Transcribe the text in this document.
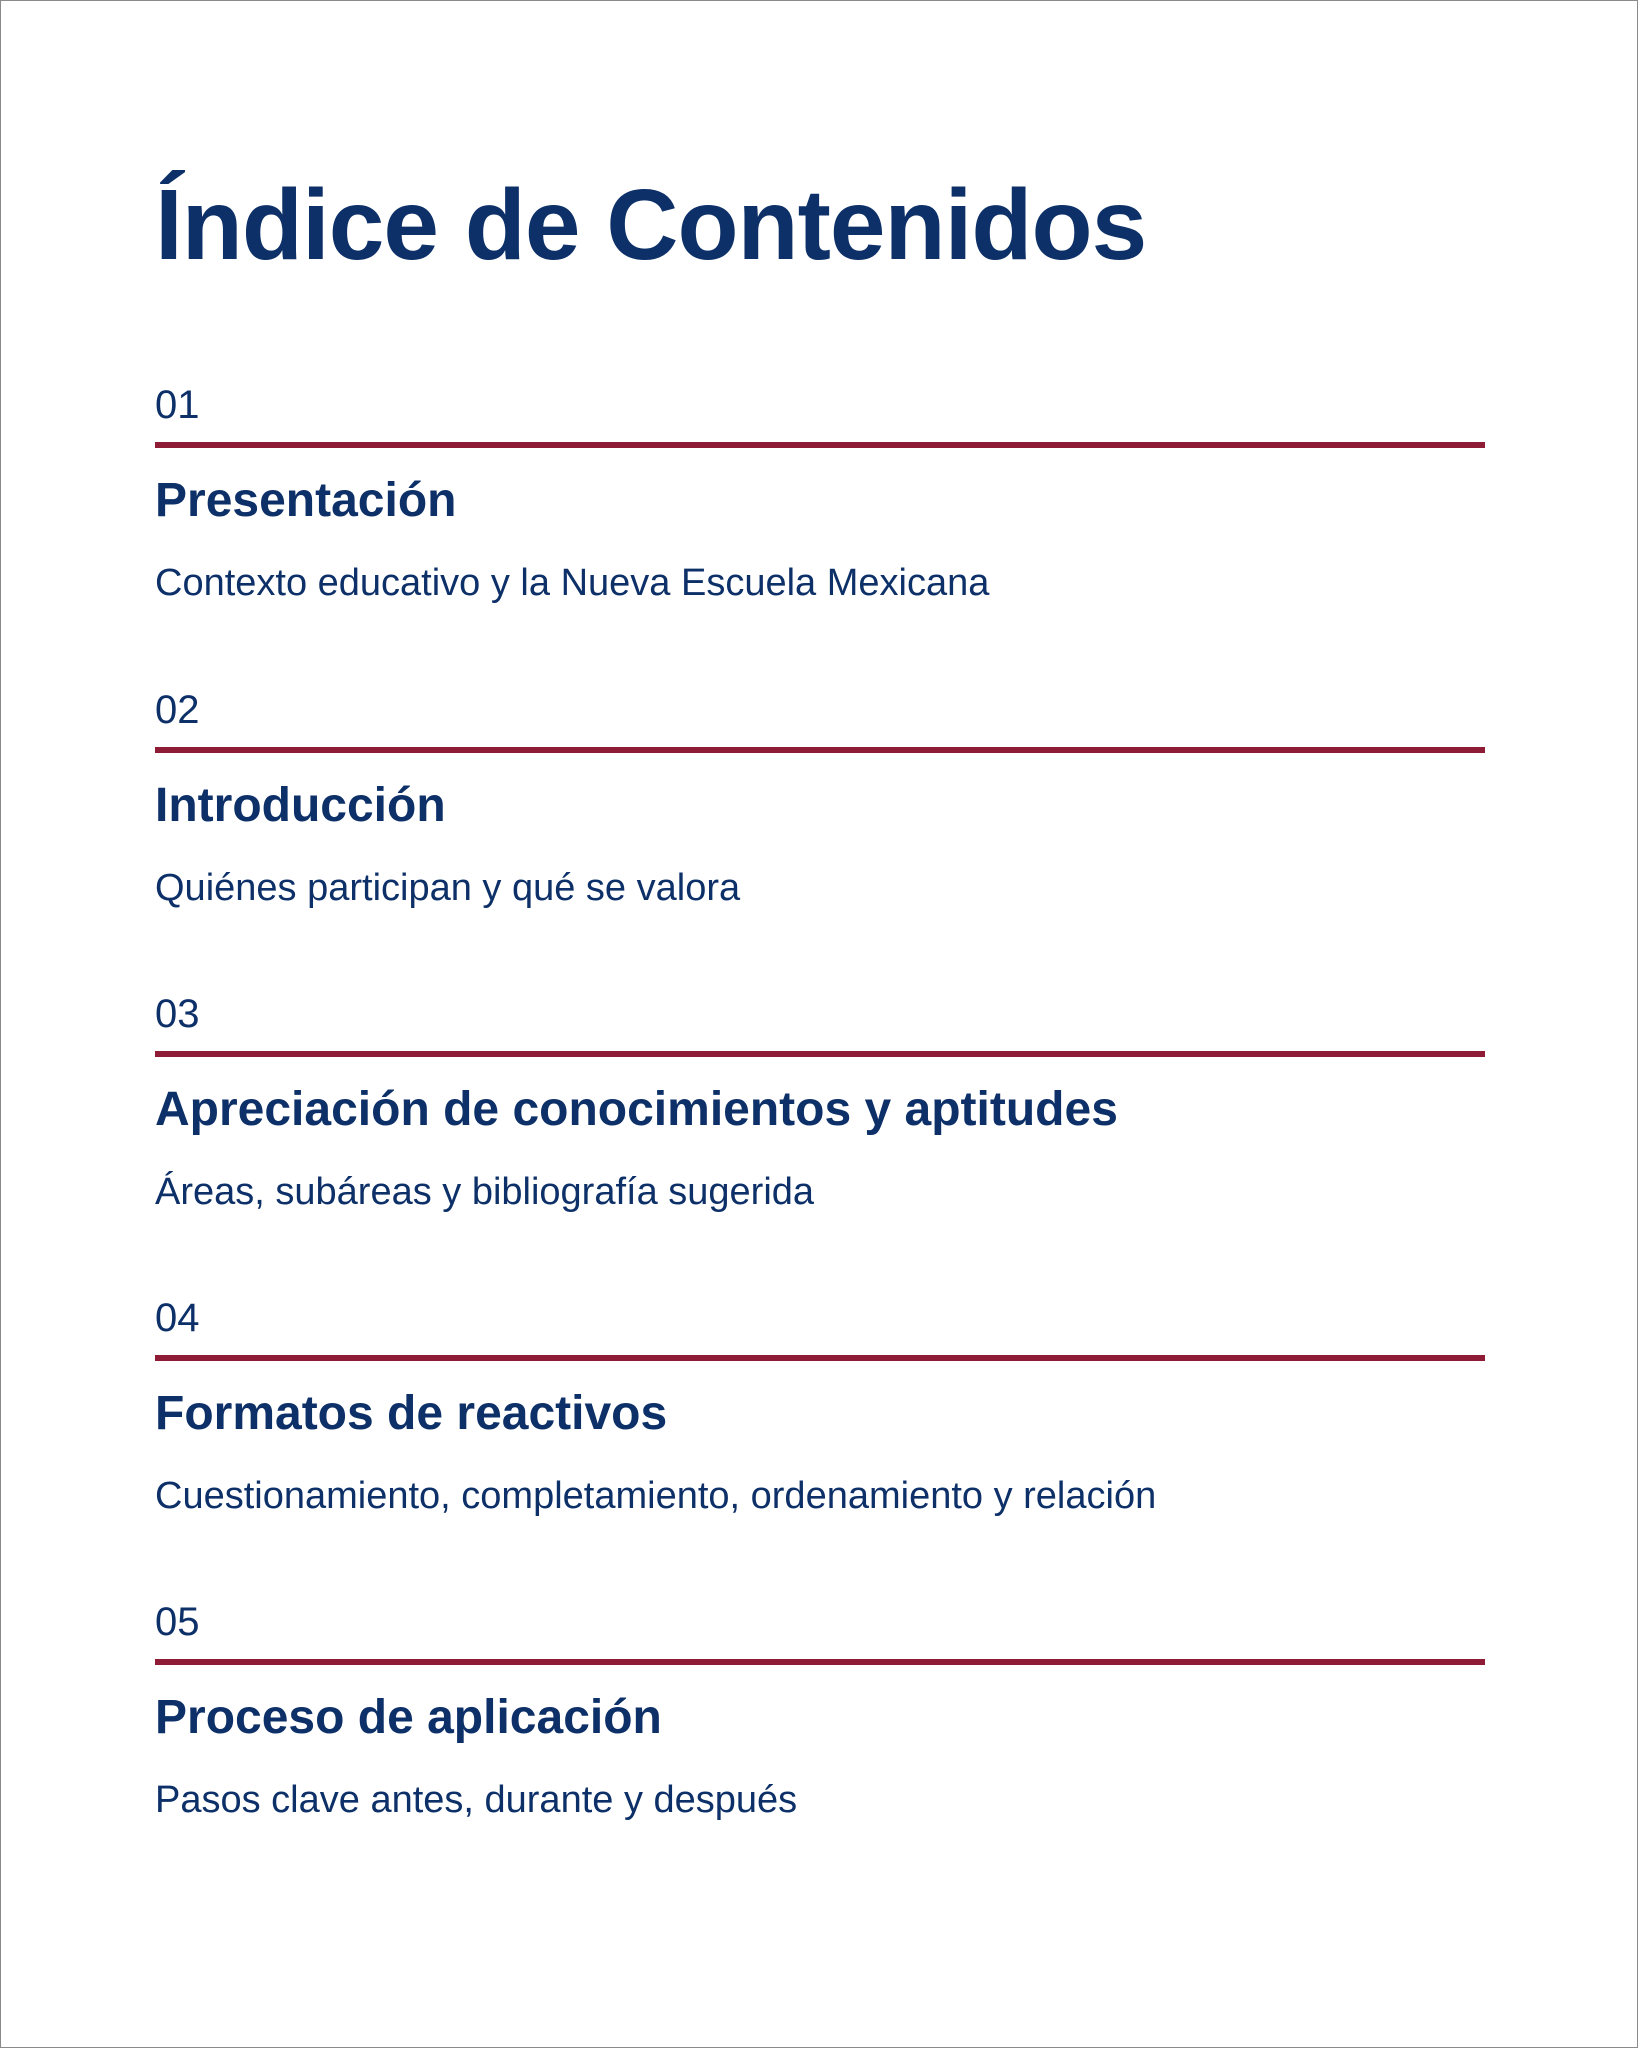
Índice de Contenidos
01
Presentación

Contexto educativo y la Nueva Escuela Mexicana

02
Introducción

Quiénes participan y qué se valora

03
Apreciación de conocimientos y aptitudes

Áreas, subáreas y bibliografía sugerida

04
Formatos de reactivos

Cuestionamiento, completamiento, ordenamiento y relación

05
Proceso de aplicación

Pasos clave antes, durante y después
